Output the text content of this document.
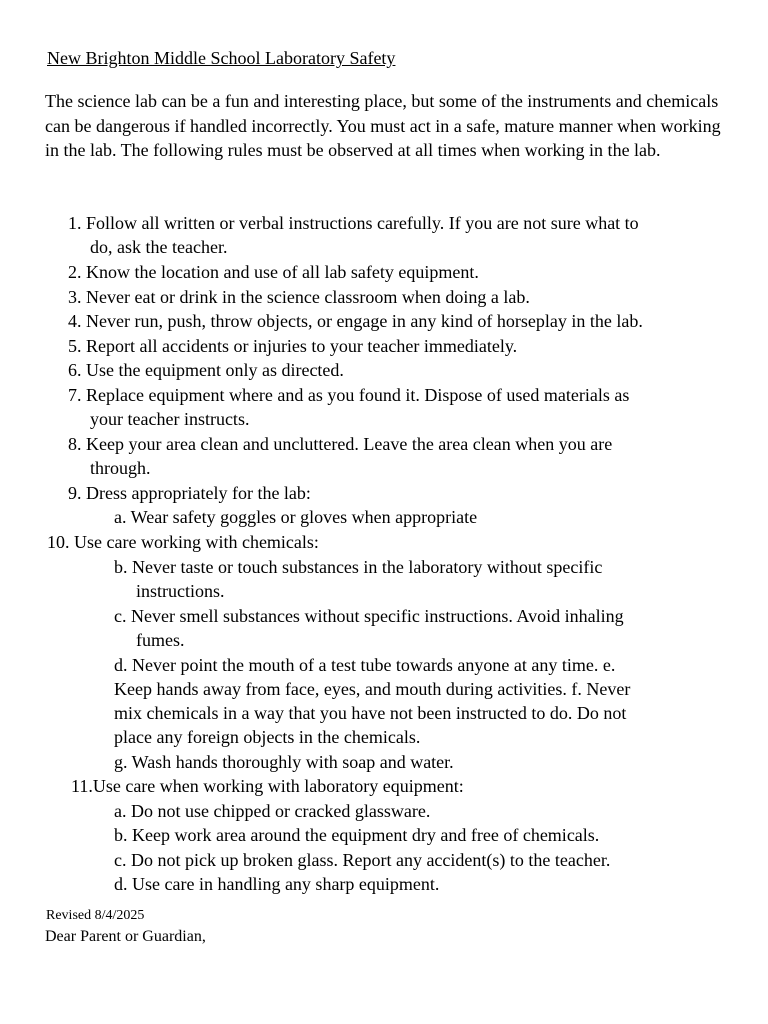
New Brighton Middle School Laboratory Safety

The science lab can be a fun and interesting place, but some of the instruments and chemicals can be dangerous if handled incorrectly. You must act in a safe, mature manner when working in the lab. The following rules must be observed at all times when working in the lab.

1. Follow all written or verbal instructions carefully. If you are not sure what to
do, ask the teacher.
2. Know the location and use of all lab safety equipment.
3. Never eat or drink in the science classroom when doing a lab.
4. Never run, push, throw objects, or engage in any kind of horseplay in the lab.
5. Report all accidents or injuries to your teacher immediately.
6. Use the equipment only as directed.
7. Replace equipment where and as you found it. Dispose of used materials as
your teacher instructs.
8. Keep your area clean and uncluttered. Leave the area clean when you are
through.
9. Dress appropriately for the lab:
a. Wear safety goggles or gloves when appropriate
10. Use care working with chemicals:
b. Never taste or touch substances in the laboratory without specific
instructions.
c. Never smell substances without specific instructions. Avoid inhaling
fumes.
d. Never point the mouth of a test tube towards anyone at any time. e.
Keep hands away from face, eyes, and mouth during activities. f. Never
mix chemicals in a way that you have not been instructed to do. Do not
place any foreign objects in the chemicals.
g. Wash hands thoroughly with soap and water.
11.Use care when working with laboratory equipment:
a. Do not use chipped or cracked glassware.
b. Keep work area around the equipment dry and free of chemicals.
c. Do not pick up broken glass. Report any accident(s) to the teacher.
d. Use care in handling any sharp equipment.
Revised 8/4/2025
Dear Parent or Guardian,
